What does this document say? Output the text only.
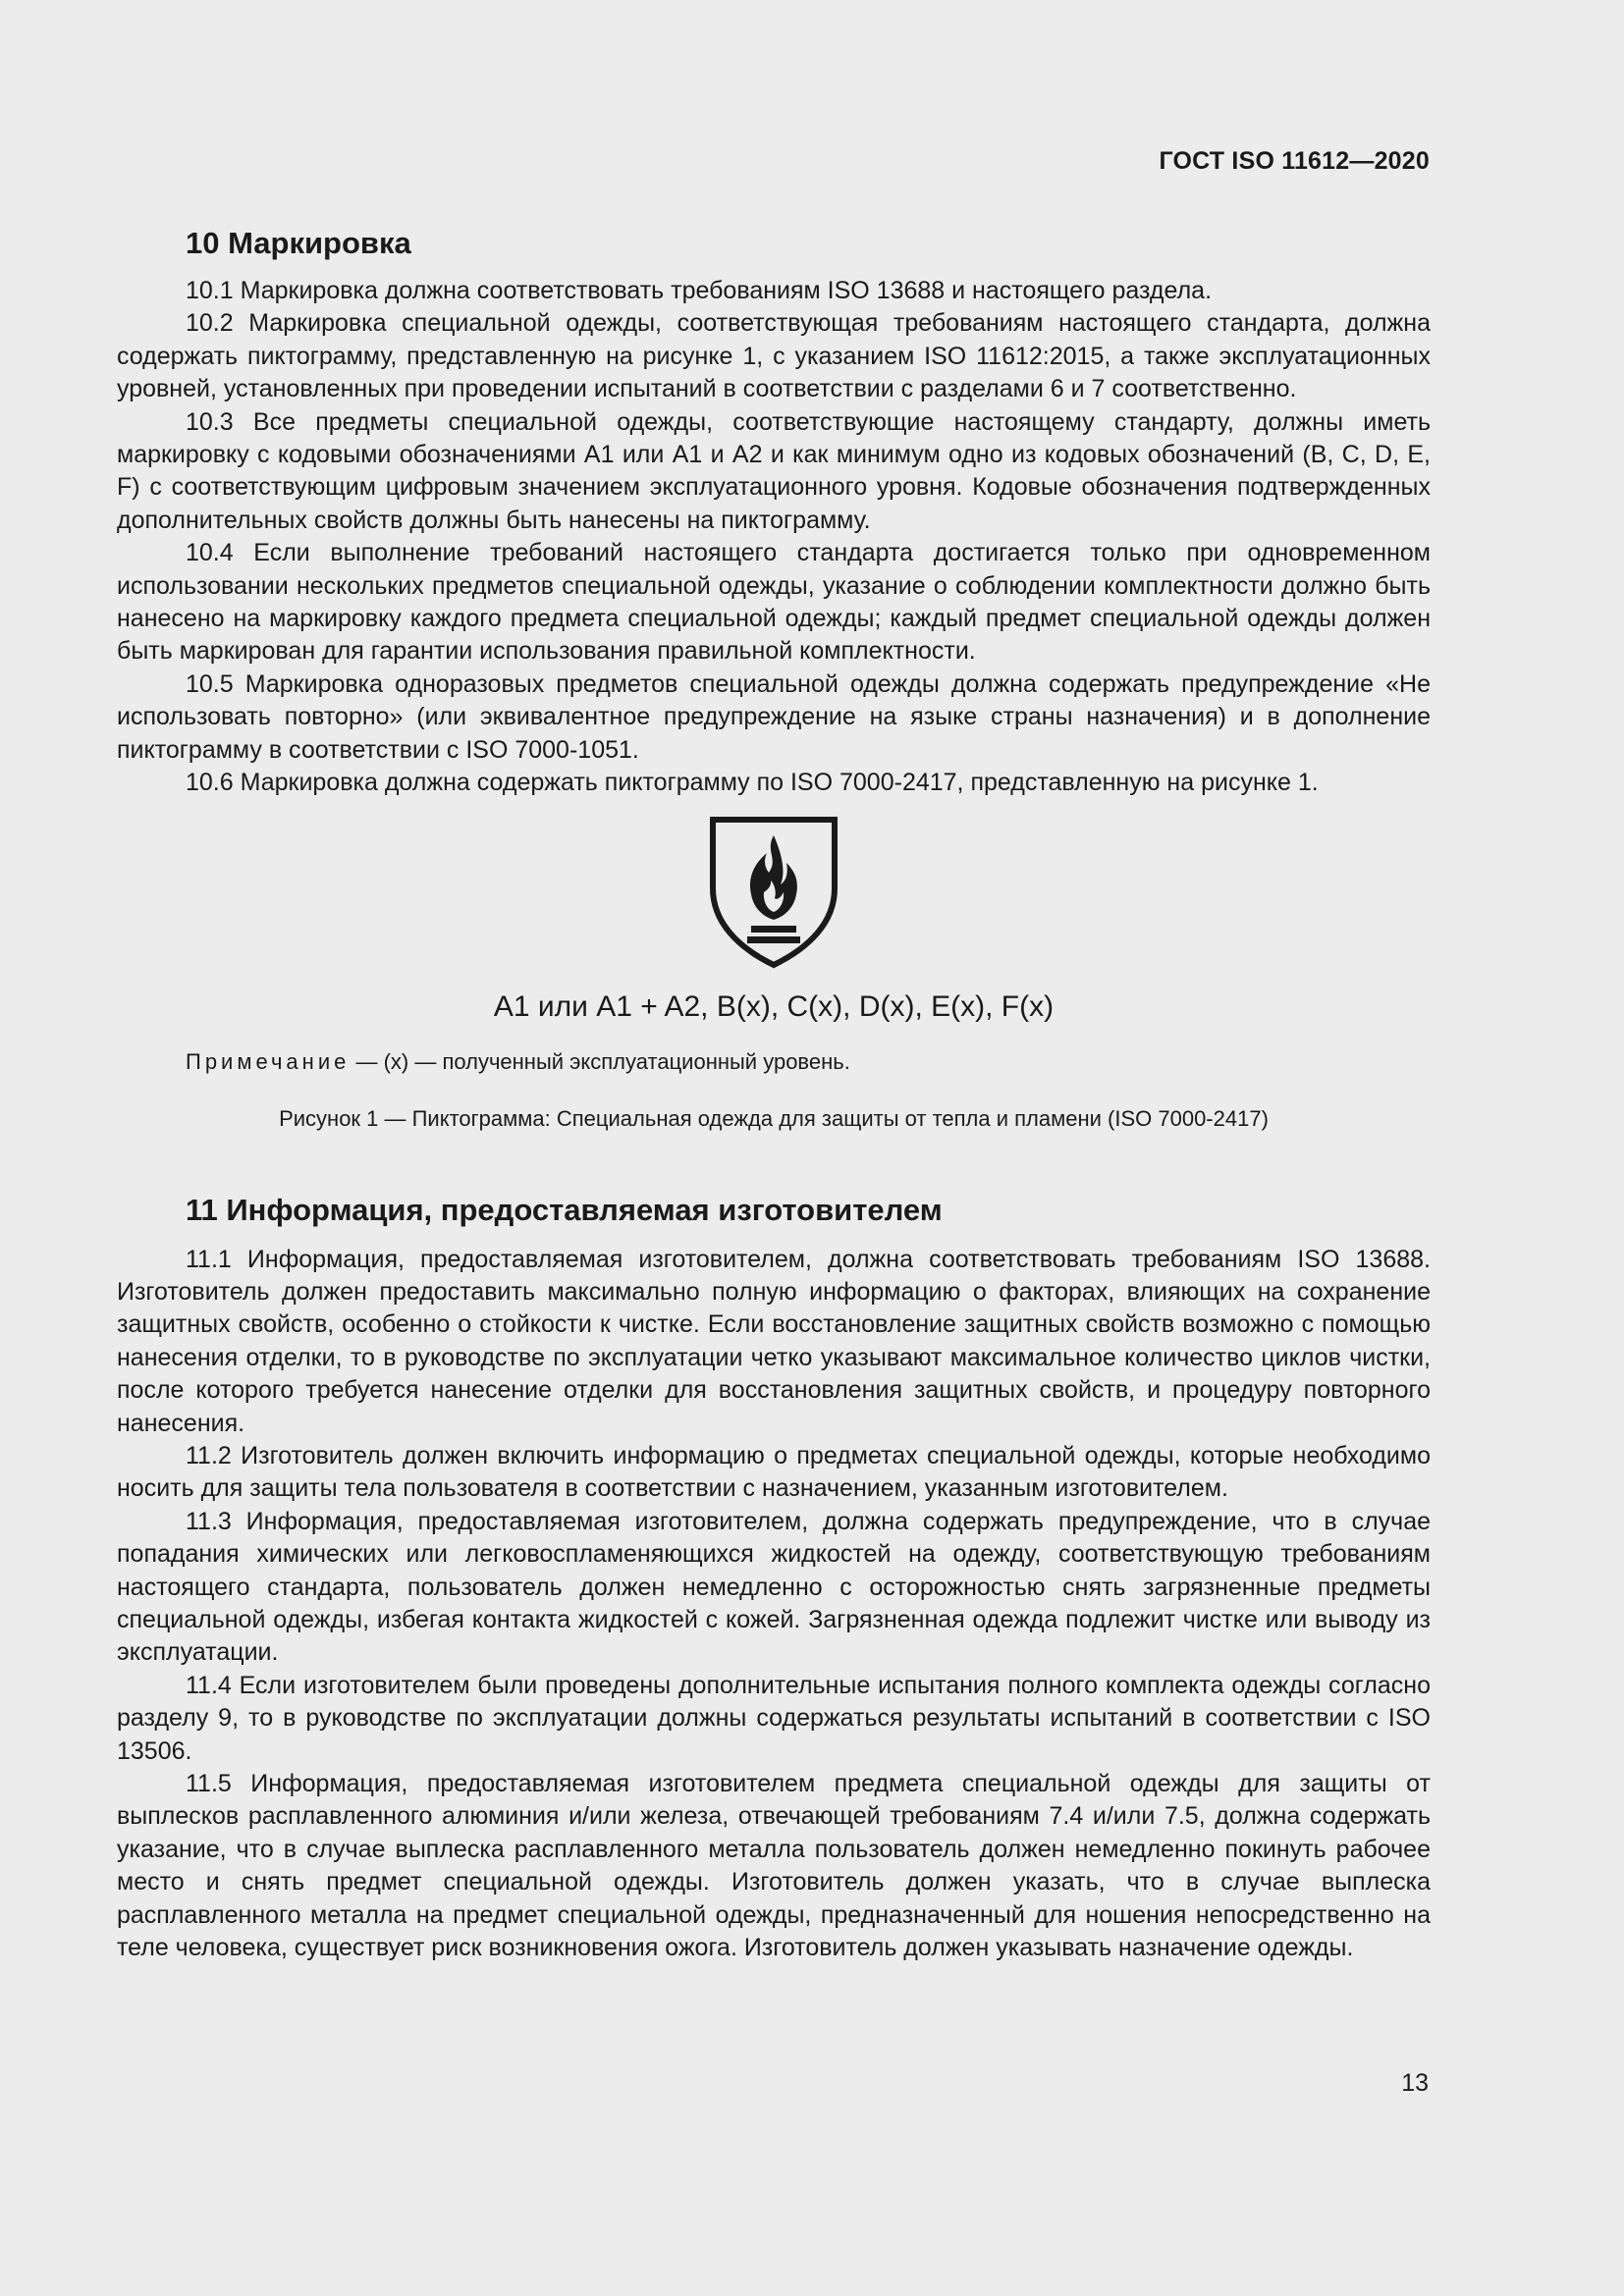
ГОСТ ISO 11612—2020
10 Маркировка

10.1 Маркировка должна соответствовать требованиям ISO 13688 и настоящего раздела.

10.2 Маркировка специальной одежды, соответствующая требованиям настоящего стандарта, должна содержать пиктограмму, представленную на рисунке 1, с указанием ISO 11612:2015, а также эксплуатационных уровней, установленных при проведении испытаний в соответствии с разделами 6 и 7 соответственно.

10.3 Все предметы специальной одежды, соответствующие настоящему стандарту, должны иметь маркировку с кодовыми обозначениями А1 или А1 и А2 и как минимум одно из кодовых обозначений (B, C, D, E, F) с соответствующим цифровым значением эксплуатационного уровня. Кодовые обозначения подтвержденных дополнительных свойств должны быть нанесены на пиктограмму.

10.4 Если выполнение требований настоящего стандарта достигается только при одновременном использовании нескольких предметов специальной одежды, указание о соблюдении комплектности должно быть нанесено на маркировку каждого предмета специальной одежды; каждый предмет специальной одежды должен быть маркирован для гарантии использования правильной комплектности.

10.5 Маркировка одноразовых предметов специальной одежды должна содержать предупреждение «Не использовать повторно» (или эквивалентное предупреждение на языке страны назначения) и в дополнение пиктограмму в соответствии с ISO 7000-1051.

10.6 Маркировка должна содержать пиктограмму по ISO 7000-2417, представленную на рисунке 1.

A1 или A1 + A2, B(x), C(x), D(x), E(x), F(x)
Примечание — (x) — полученный эксплуатационный уровень.
Рисунок 1 — Пиктограмма: Специальная одежда для защиты от тепла и пламени (ISO 7000-2417)
11 Информация, предоставляемая изготовителем

11.1 Информация, предоставляемая изготовителем, должна соответствовать требованиям ISO 13688. Изготовитель должен предоставить максимально полную информацию о факторах, влияющих на сохранение защитных свойств, особенно о стойкости к чистке. Если восстановление защитных свойств возможно с помощью нанесения отделки, то в руководстве по эксплуатации четко указывают максимальное количество циклов чистки, после которого требуется нанесение отделки для восстановления защитных свойств, и процедуру повторного нанесения.

11.2 Изготовитель должен включить информацию о предметах специальной одежды, которые необходимо носить для защиты тела пользователя в соответствии с назначением, указанным изготовителем.

11.3 Информация, предоставляемая изготовителем, должна содержать предупреждение, что в случае попадания химических или легковоспламеняющихся жидкостей на одежду, соответствующую требованиям настоящего стандарта, пользователь должен немедленно с осторожностью снять загрязненные предметы специальной одежды, избегая контакта жидкостей с кожей. Загрязненная одежда подлежит чистке или выводу из эксплуатации.

11.4 Если изготовителем были проведены дополнительные испытания полного комплекта одежды согласно разделу 9, то в руководстве по эксплуатации должны содержаться результаты испытаний в соответствии с ISO 13506.

11.5 Информация, предоставляемая изготовителем предмета специальной одежды для защиты от выплесков расплавленного алюминия и/или железа, отвечающей требованиям 7.4 и/или 7.5, должна содержать указание, что в случае выплеска расплавленного металла пользователь должен немедленно покинуть рабочее место и снять предмет специальной одежды. Изготовитель должен указать, что в случае выплеска расплавленного металла на предмет специальной одежды, предназначенный для ношения непосредственно на теле человека, существует риск возникновения ожога. Изготовитель должен указывать назначение одежды.

13
